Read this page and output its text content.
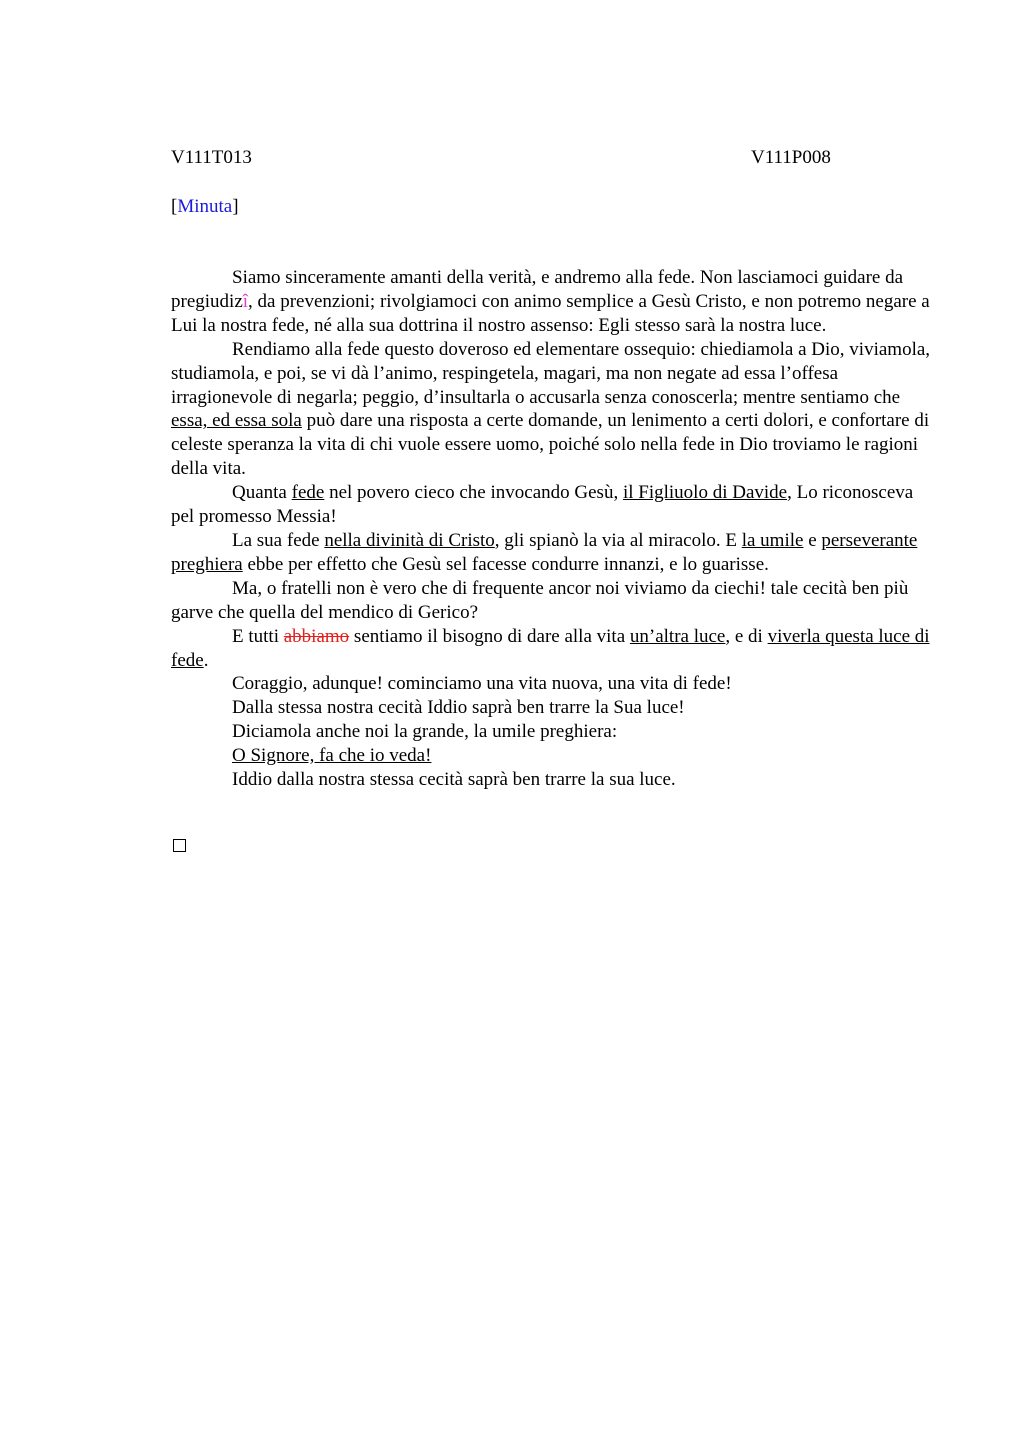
V111T013	V111P008
[Minuta]

Siamo sinceramente amanti della verità, e andremo alla fede. Non lasciamoci guidare da pregiudizî, da prevenzioni; rivolgiamoci con animo semplice a Gesù Cristo, e non potremo negare a Lui la nostra fede, né alla sua dottrina il nostro assenso: Egli stesso sarà la nostra luce.

Rendiamo alla fede questo doveroso ed elementare ossequio: chiediamola a Dio, viviamola, studiamola, e poi, se vi dà l’animo, respingetela, magari, ma non negate ad essa l’offesa irragionevole di negarla; peggio, d’insultarla o accusarla senza conoscerla; mentre sentiamo che essa, ed essa sola può dare una risposta a certe domande, un lenimento a certi dolori, e confortare di celeste speranza la vita di chi vuole essere uomo, poiché solo nella fede in Dio troviamo le ragioni della vita.

Quanta fede nel povero cieco che invocando Gesù, il Figliuolo di Davide, Lo riconosceva pel promesso Messia!

La sua fede nella divinità di Cristo, gli spianò la via al miracolo. E la umile e perseverante preghiera ebbe per effetto che Gesù sel facesse condurre innanzi, e lo guarisse.

Ma, o fratelli non è vero che di frequente ancor noi viviamo da ciechi! tale cecità ben più garve che quella del mendico di Gerico?

E tutti abbiamo sentiamo il bisogno di dare alla vita un’altra luce, e di viverla questa luce di fede.

Coraggio, adunque! cominciamo una vita nuova, una vita di fede!

Dalla stessa nostra cecità Iddio saprà ben trarre la Sua luce!

Diciamola anche noi la grande, la umile preghiera:

O Signore, fa che io veda!

Iddio dalla nostra stessa cecità saprà ben trarre la sua luce.
